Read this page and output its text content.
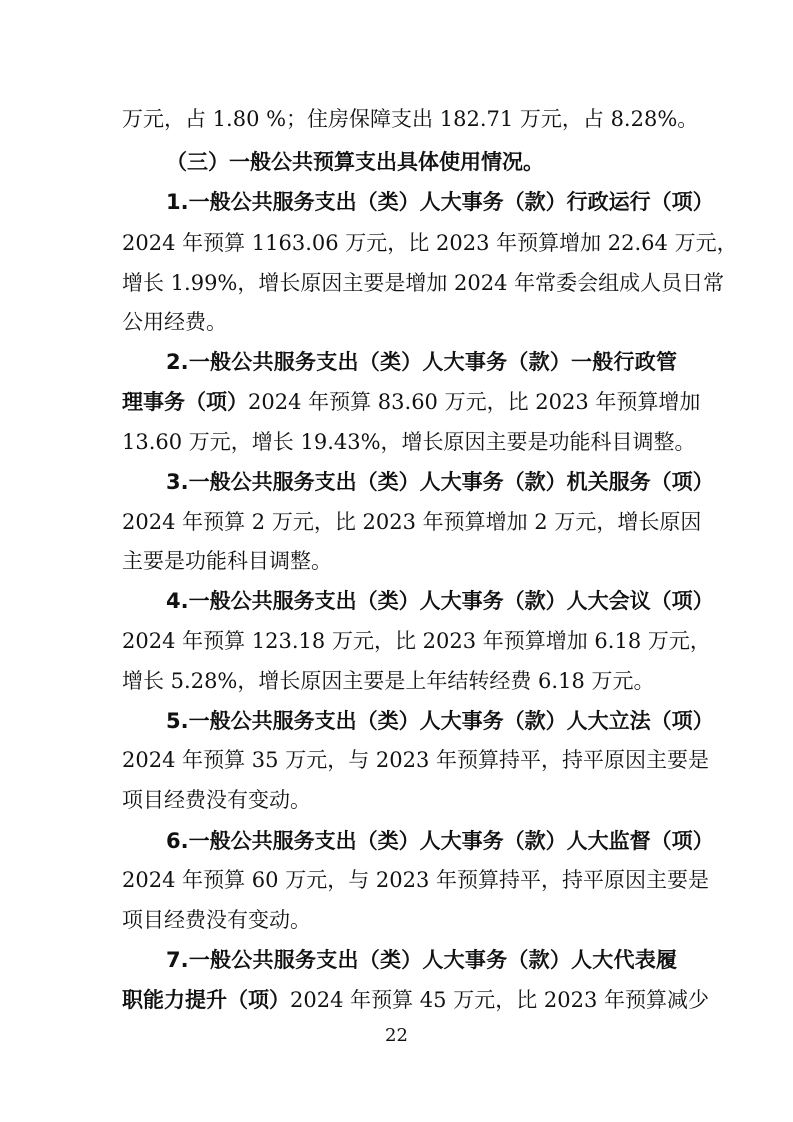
万元，占 1.80 %；住房保障支出 182.71 万元，占 8.28%。
（三）一般公共预算支出具体使用情况。
1.一般公共服务支出（类）人大事务（款）行政运行（项）
2024 年预算 1163.06 万元，比 2023 年预算增加 22.64 万元，
增长 1.99%，增长原因主要是增加 2024 年常委会组成人员日常
公用经费。
2.一般公共服务支出（类）人大事务（款）一般行政管
理事务（项）2024 年预算 83.60 万元，比 2023 年预算增加
13.60 万元，增长 19.43%，增长原因主要是功能科目调整。
3.一般公共服务支出（类）人大事务（款）机关服务（项）
2024 年预算 2 万元，比 2023 年预算增加 2 万元，增长原因
主要是功能科目调整。
4.一般公共服务支出（类）人大事务（款）人大会议（项）
2024 年预算 123.18 万元，比 2023 年预算增加 6.18 万元，
增长 5.28%，增长原因主要是上年结转经费 6.18 万元。
5.一般公共服务支出（类）人大事务（款）人大立法（项）
2024 年预算 35 万元，与 2023 年预算持平，持平原因主要是
项目经费没有变动。
6.一般公共服务支出（类）人大事务（款）人大监督（项）
2024 年预算 60 万元，与 2023 年预算持平，持平原因主要是
项目经费没有变动。
7.一般公共服务支出（类）人大事务（款）人大代表履
职能力提升（项）2024 年预算 45 万元，比 2023 年预算减少
22
